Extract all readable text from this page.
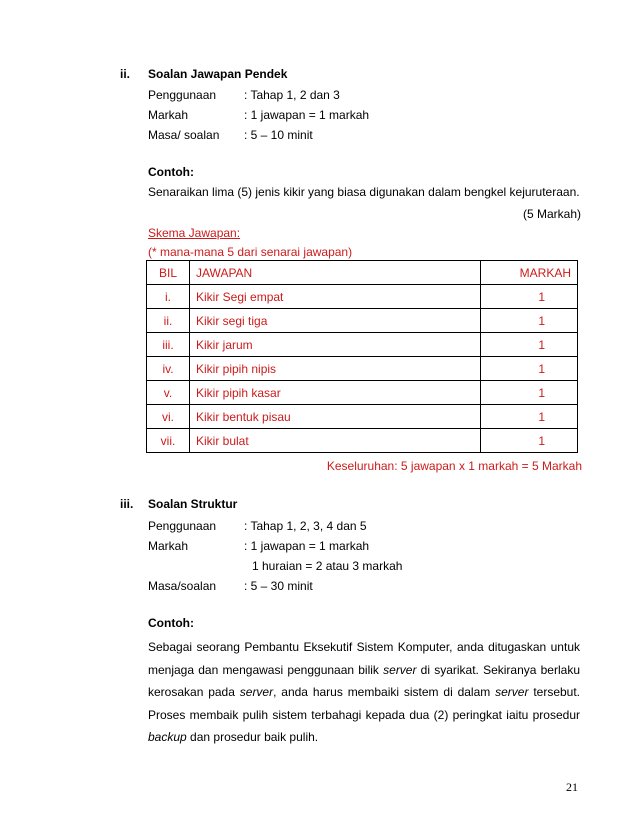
ii. Soalan Jawapan Pendek
Penggunaan : Tahap 1, 2 dan 3
Markah	: 1 jawapan = 1 markah
Masa/ soalan : 5 – 10 minit
Contoh:
Senaraikan lima (5) jenis kikir yang biasa digunakan dalam bengkel kejuruteraan.
(5 Markah)
Skema Jawapan:
(* mana-mana 5 dari senarai jawapan)
BIL	JAWAPAN	MARKAH
i.	Kikir Segi empat	1
ii.	Kikir segi tiga	1
iii.	Kikir jarum	1
iv.	Kikir pipih nipis	1
v.	Kikir pipih kasar	1
vi.	Kikir bentuk pisau	1
vii.	Kikir bulat	1
Keseluruhan: 5 jawapan x 1 markah = 5 Markah
iii. Soalan Struktur
Penggunaan : Tahap 1, 2, 3, 4 dan 5
Markah	: 1 jawapan = 1 markah
1 huraian = 2 atau 3 markah
Masa/soalan : 5 – 30 minit
Contoh:
Sebagai seorang Pembantu Eksekutif Sistem Komputer, anda ditugaskan untuk menjaga dan mengawasi penggunaan bilik server di syarikat. Sekiranya berlaku kerosakan pada server, anda harus membaiki sistem di dalam server tersebut. Proses membaik pulih sistem terbahagi kepada dua (2) peringkat iaitu prosedur backup dan prosedur baik pulih.
21
